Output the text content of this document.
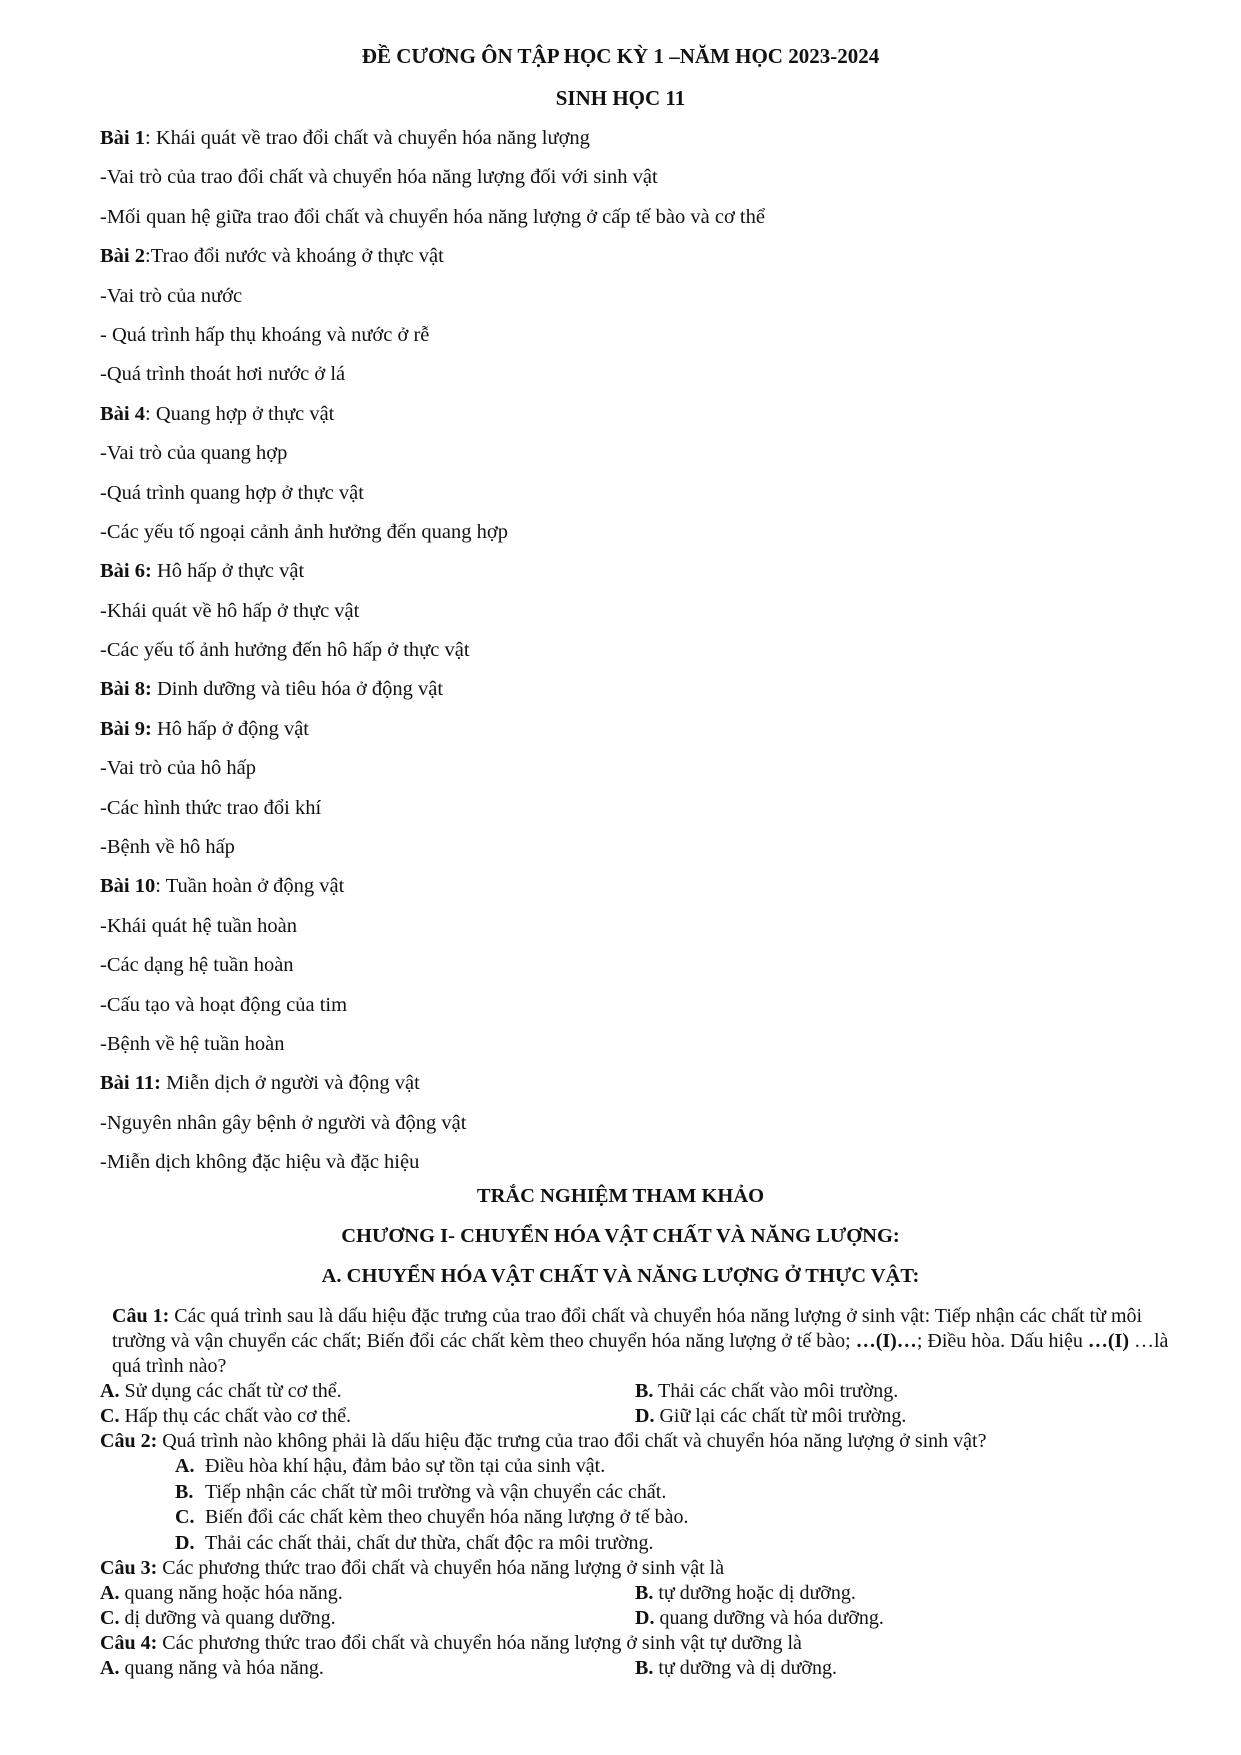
ĐỀ CƯƠNG ÔN TẬP HỌC KỲ 1 –NĂM HỌC 2023-2024
SINH HỌC 11
Bài 1: Khái quát về trao đổi chất và chuyển hóa năng lượng
-Vai trò của trao đổi chất và chuyển hóa năng lượng đối với sinh vật
-Mối quan hệ giữa trao đổi chất và chuyển hóa năng lượng ở cấp tế bào và cơ thể
Bài 2:Trao đổi nước và khoáng ở thực vật
-Vai trò của nước
- Quá trình hấp thụ khoáng và nước ở rễ
-Quá trình thoát hơi nước ở lá
Bài 4: Quang hợp ở thực vật
-Vai trò của quang hợp
-Quá trình quang hợp ở thực vật
-Các yếu tố ngoại cảnh ảnh hưởng đến quang hợp
Bài 6: Hô hấp ở thực vật
-Khái quát về hô hấp ở thực vật
-Các yếu tố ảnh hưởng đến hô hấp ở thực vật
Bài 8: Dinh dưỡng và tiêu hóa ở động vật
Bài 9: Hô hấp ở động vật
-Vai trò của hô hấp
-Các hình thức trao đổi khí
-Bệnh về hô hấp
Bài 10: Tuần hoàn ở động vật
-Khái quát hệ tuần hoàn
-Các dạng hệ tuần hoàn
-Cấu tạo và hoạt động của tim
-Bệnh về hệ tuần hoàn
Bài 11: Miễn dịch ở người và động vật
-Nguyên nhân gây bệnh ở người và động vật
-Miễn dịch không đặc hiệu và đặc hiệu
TRẮC NGHIỆM THAM KHẢO
CHƯƠNG I- CHUYỂN HÓA VẬT CHẤT VÀ NĂNG LƯỢNG:
A. CHUYỂN HÓA VẬT CHẤT VÀ NĂNG LƯỢNG Ở THỰC VẬT:
Câu 1: Các quá trình sau là dấu hiệu đặc trưng của trao đổi chất và chuyển hóa năng lượng ở sinh vật: Tiếp nhận các chất từ môi trường và vận chuyển các chất; Biến đổi các chất kèm theo chuyển hóa năng lượng ở tế bào; …(I)…; Điều hòa. Dấu hiệu …(I) …là quá trình nào?
A. Sử dụng các chất từ cơ thể.	B. Thải các chất vào môi trường.
C. Hấp thụ các chất vào cơ thể.	D. Giữ lại các chất từ môi trường.
Câu 2: Quá trình nào không phải là dấu hiệu đặc trưng của trao đổi chất và chuyển hóa năng lượng ở sinh vật?
A. Điều hòa khí hậu, đảm bảo sự tồn tại của sinh vật.
B. Tiếp nhận các chất từ môi trường và vận chuyển các chất.
C. Biến đổi các chất kèm theo chuyển hóa năng lượng ở tế bào.
D. Thải các chất thải, chất dư thừa, chất độc ra môi trường.
Câu 3: Các phương thức trao đổi chất và chuyển hóa năng lượng ở sinh vật là
A. quang năng hoặc hóa năng.	B. tự dưỡng hoặc dị dưỡng.
C. dị dưỡng và quang dưỡng.	D. quang dưỡng và hóa dưỡng.
Câu 4: Các phương thức trao đổi chất và chuyển hóa năng lượng ở sinh vật tự dưỡng là
A. quang năng và hóa năng.	B. tự dưỡng và dị dưỡng.
